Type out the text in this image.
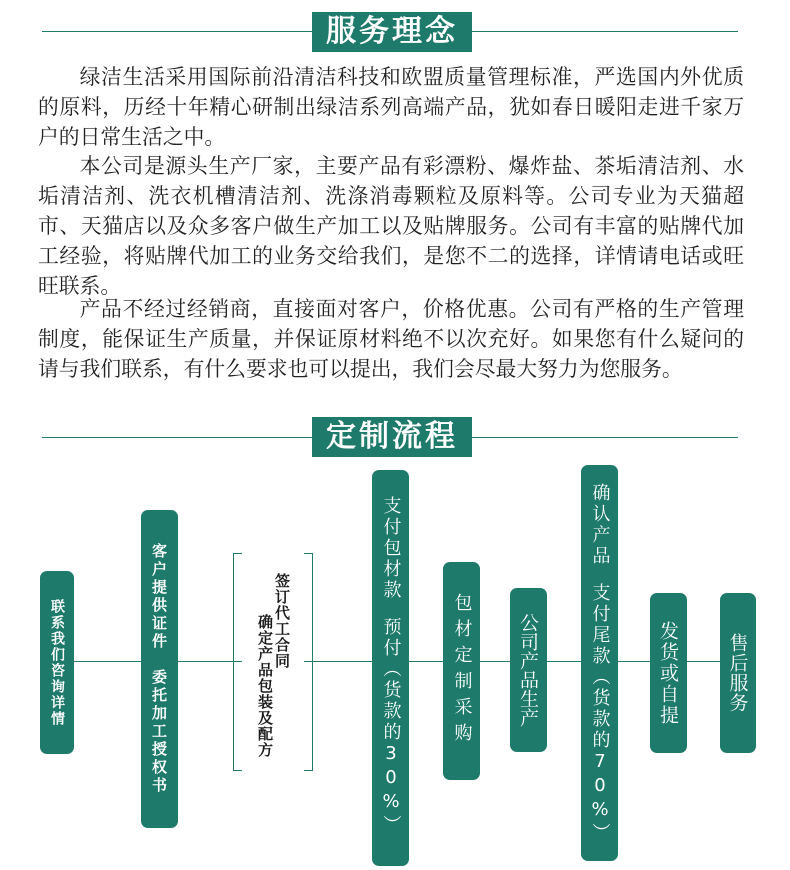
服务理念

绿洁生活采用国际前沿清洁科技和欧盟质量管理标准，严选国内外优质的原料，历经十年精心研制出绿洁系列高端产品，犹如春日暖阳走进千家万户的日常生活之中。

本公司是源头生产厂家，主要产品有彩漂粉、爆炸盐、茶垢清洁剂、水垢清洁剂、洗衣机槽清洁剂、洗涤消毒颗粒及原料等。公司专业为天猫超市、天猫店以及众多客户做生产加工以及贴牌服务。公司有丰富的贴牌代加工经验，将贴牌代加工的业务交给我们，是您不二的选择，详情请电话或旺旺联系。

产品不经过经销商，直接面对客户，价格优惠。公司有严格的生产管理制度，能保证生产质量，并保证原材料绝不以次充好。如果您有什么疑问的请与我们联系，有什么要求也可以提出，我们会尽最大努力为您服务。

定制流程
联系我们咨询详情
客户提供证件
委托加工授权书	确定产品包装及配方 签订代工合同
支付包材款
预付（货款的30%）	包材定制采购 公司产品生产
确认产品
支付尾款（货款的70%） 发货或自提	售后服务
